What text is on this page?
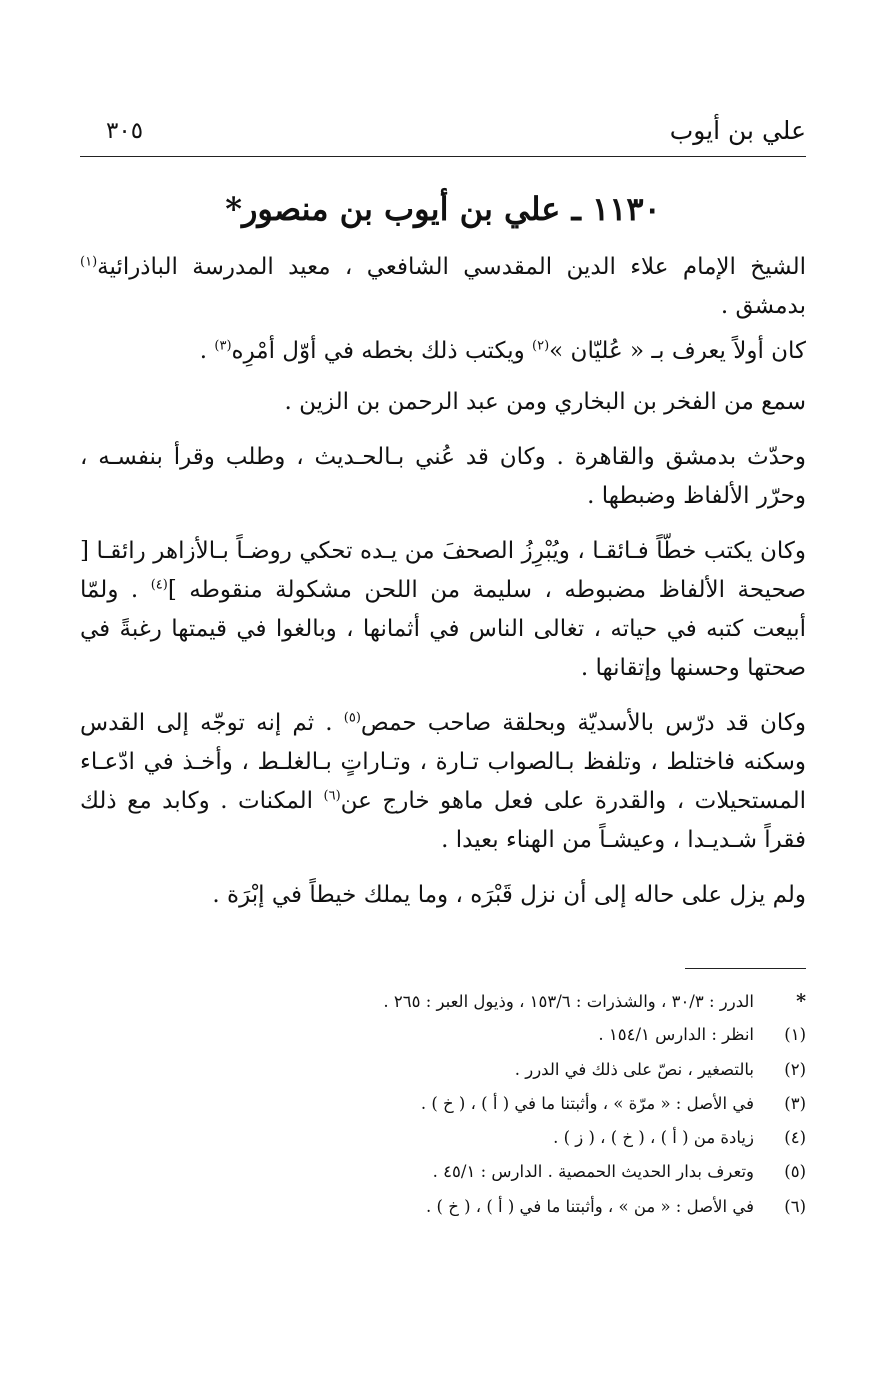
علي بن أيوب
٣٠٥
١١٣٠ ـ علي بن أيوب بن منصور*

الشيخ الإمام علاء الدين المقدسي الشافعي ، معيد المدرسة الباذرائية$^{(١)}$ بدمشق .

كان أولاً يعرف بـ « عُليّان »$^{(٢)}$ ويكتب ذلك بخطه في أوّل أمْرِه$^{(٣)}$ .

سمع من الفخر بن البخاري ومن عبد الرحمن بن الزين .

وحدّث بدمشق والقاهرة . وكان قد عُني بـالحـديث ، وطلب وقرأ بنفسـه ، وحرّر الألفاظ وضبطها .

وكان يكتب خطّاً فـائقـا ، ويُبْرِزُ الصحفَ من يـده تحكي روضـاً بـالأزاهر رائقـا [ صحيحة الألفاظ مضبوطه ، سليمة من اللحن مشكولة منقوطه ]$^{(٤)}$ . ولمّا أبيعت كتبه في حياته ، تغالى الناس في أثمانها ، وبالغوا في قيمتها رغبةً في صحتها وحسنها وإتقانها .

وكان قد درّس بالأسديّة وبحلقة صاحب حمص$^{(٥)}$ . ثم إنه توجّه إلى القدس وسكنه فاختلط ، وتلفظ بـالصواب تـارة ، وتـاراتٍ بـالغلـط ، وأخـذ في ادّعـاء المستحيلات ، والقدرة على فعل ماهو خارج عن$^{(٦)}$ المكنات . وكابد مع ذلك فقراً شـديـدا ، وعيشـاً من الهناء بعيدا .

ولم يزل على حاله إلى أن نزل قَبْرَه ، وما يملك خيطاً في إبْرَة .

*الدرر : ٣٠/٣ ، والشذرات : ١٥٣/٦ ، وذيول العبر : ٢٦٥ .
(١)انظر : الدارس ١٥٤/١ .
(٢)بالتصغير ، نصّ على ذلك في الدرر .
(٣)في الأصل : « مرّة » ، وأثبتنا ما في ( أ ) ، ( خ ) .
(٤)زيادة من ( أ ) ، ( خ ) ، ( ز ) .
(٥)وتعرف بدار الحديث الحمصية . الدارس : ٤٥/١ .
(٦)في الأصل : « من » ، وأثبتنا ما في ( أ ) ، ( خ ) .
